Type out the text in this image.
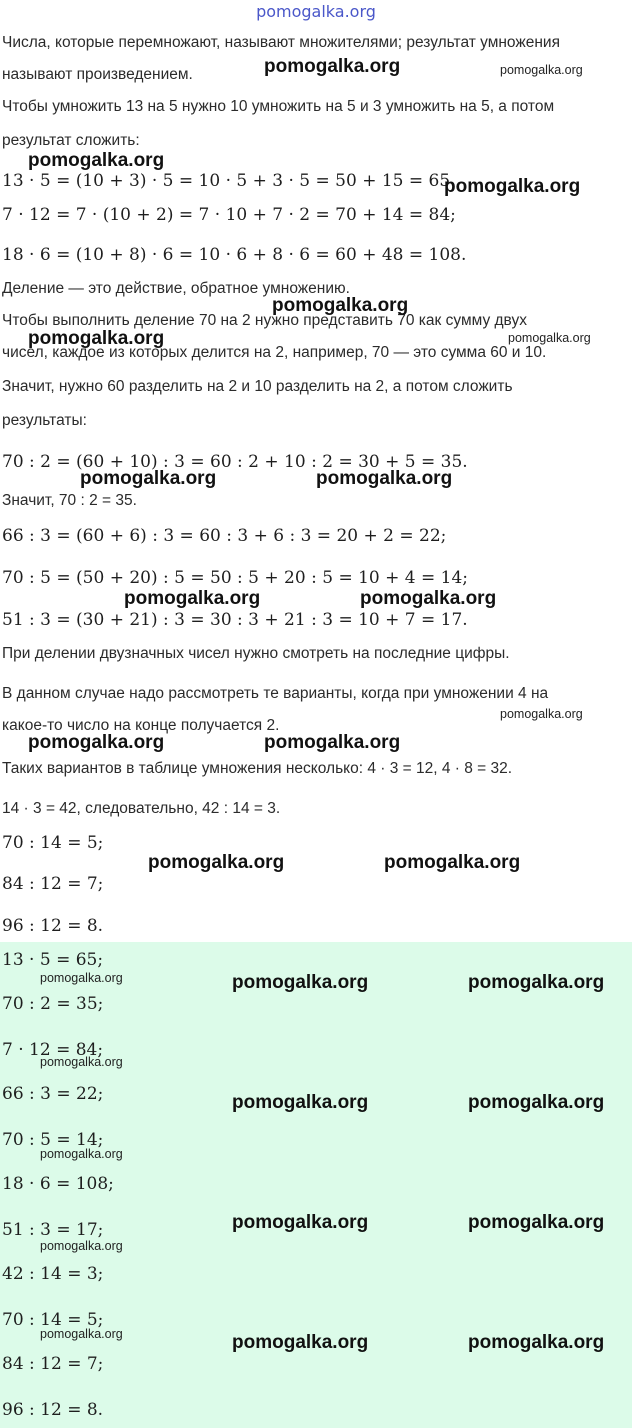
pomogalka.org
Числа, которые перемножают, называют множителями; результат умножения
называют произведением.
Чтобы умножить 13 на 5 нужно 10 умножить на 5 и 3 умножить на 5, а потом
результат сложить:
13 · 5 = (10 + 3) · 5 = 10 · 5 + 3 · 5 = 50 + 15 = 65.
7 · 12 = 7 · (10 + 2) = 7 · 10 + 7 · 2 = 70 + 14 = 84;
18 · 6 = (10 + 8) · 6 = 10 · 6 + 8 · 6 = 60 + 48 = 108.
Деление — это действие, обратное умножению.
Чтобы выполнить деление 70 на 2 нужно представить 70 как сумму двух
чисел, каждое из которых делится на 2, например, 70 — это сумма 60 и 10.
Значит, нужно 60 разделить на 2 и 10 разделить на 2, а потом сложить
результаты:
70 : 2 = (60 + 10) : 3 = 60 : 2 + 10 : 2 = 30 + 5 = 35.
Значит, 70 : 2 = 35.
66 : 3 = (60 + 6) : 3 = 60 : 3 + 6 : 3 = 20 + 2 = 22;
70 : 5 = (50 + 20) : 5 = 50 : 5 + 20 : 5 = 10 + 4 = 14;
51 : 3 = (30 + 21) : 3 = 30 : 3 + 21 : 3 = 10 + 7 = 17.
При делении двузначных чисел нужно смотреть на последние цифры.
В данном случае надо рассмотреть те варианты, когда при умножении 4 на
какое-то число на конце получается 2.
Таких вариантов в таблице умножения несколько: 4 · 3 = 12, 4 · 8 = 32.
14 · 3 = 42, следовательно, 42 : 14 = 3.
70 : 14 = 5;
84 : 12 = 7;
96 : 12 = 8.
13 · 5 = 65;
70 : 2 = 35;
7 · 12 = 84;
66 : 3 = 22;
70 : 5 = 14;
18 · 6 = 108;
51 : 3 = 17;
42 : 14 = 3;
70 : 14 = 5;
84 : 12 = 7;
96 : 12 = 8.
pomogalka.org	pomogalka.org
pomogalka.org
pomogalka.org
pomogalka.org
pomogalka.org	pomogalka.org
pomogalka.org	pomogalka.org
pomogalka.org	pomogalka.org
pomogalka.org
pomogalka.org	pomogalka.org
pomogalka.org	pomogalka.org
pomogalka.org	pomogalka.org	pomogalka.org
pomogalka.org
pomogalka.org	pomogalka.org
pomogalka.org
pomogalka.org	pomogalka.org
pomogalka.org
pomogalka.org	pomogalka.org	pomogalka.org
